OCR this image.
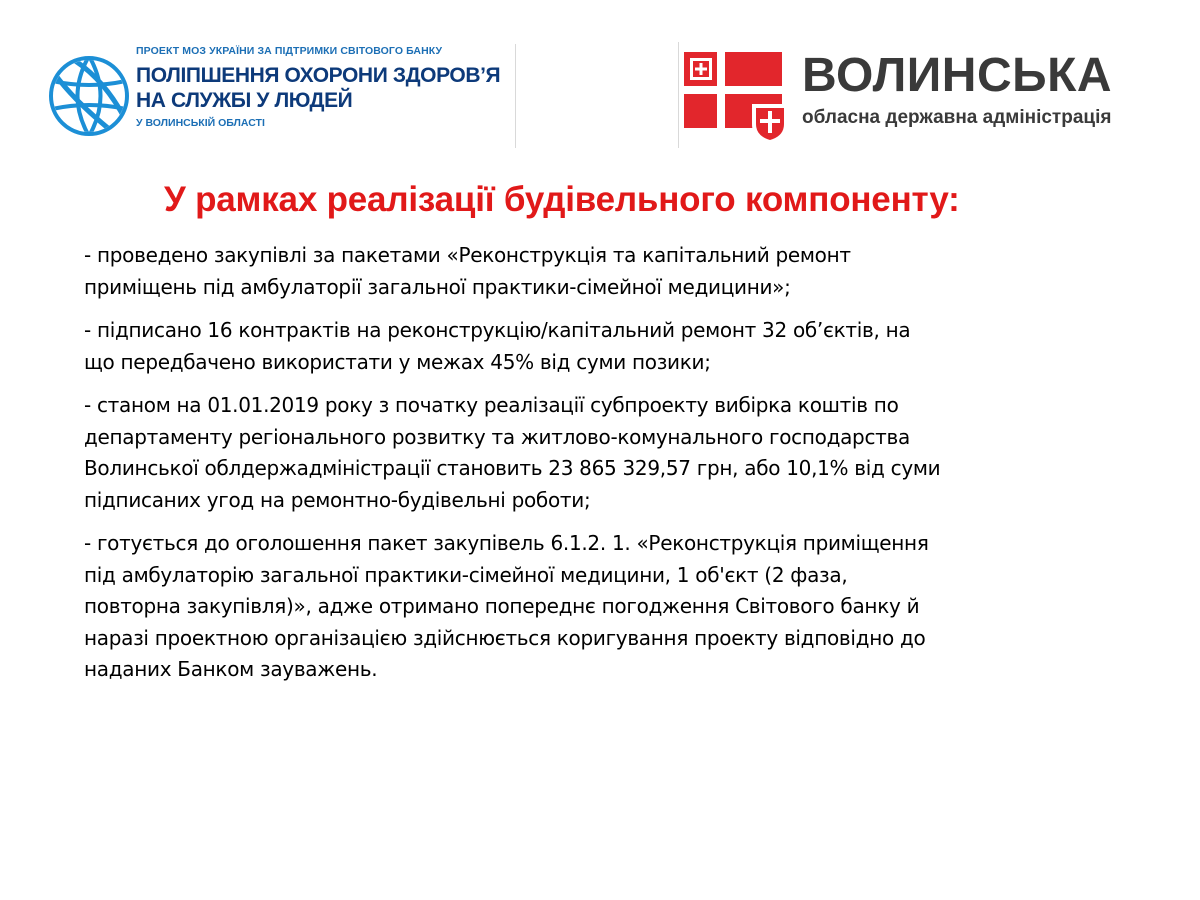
ПРОЕКТ МОЗ УКРАЇНИ ЗА ПІДТРИМКИ СВІТОВОГО БАНКУ
ПОЛІПШЕННЯ ОХОРОНИ ЗДОРОВ’Я
НА СЛУЖБІ У ЛЮДЕЙ
У ВОЛИНСЬКІЙ ОБЛАСТІ
ВОЛИНСЬКА
обласна державна адміністрація
У рамках реалізації будівельного компоненту:

- проведено закупівлі за пакетами «Реконструкція та капітальний ремонт
приміщень під амбулаторії загальної практики-сімейної медицини»;

- підписано 16 контрактів на реконструкцію/капітальний ремонт 32 об’єктів, на
що передбачено використати у межах 45% від суми позики;

- станом на 01.01.2019 року з початку реалізації субпроекту вибірка коштів по
департаменту регіонального розвитку та житлово-комунального господарства
Волинської облдержадміністрації становить 23 865 329,57 грн, або 10,1% від суми
підписаних угод на ремонтно-будівельні роботи;

- готується до оголошення пакет закупівель 6.1.2. 1. «Реконструкція приміщення
під амбулаторію загальної практики-сімейної медицини, 1 об'єкт (2 фаза,
повторна закупівля)», адже отримано попереднє погодження Світового банку й
наразі проектною організацією здійснюється коригування проекту відповідно до
наданих Банком зауважень.
